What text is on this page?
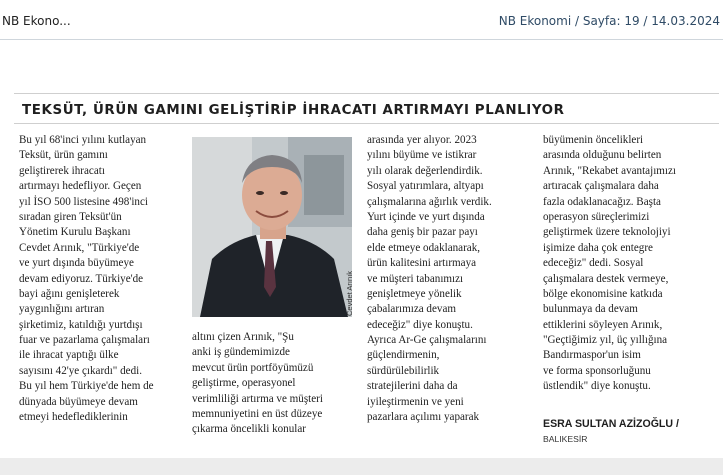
NB Ekono...	NB Ekonomi / Sayfa: 19 / 14.03.2024
TEKSÜT, ÜRÜN GAMINI GELİŞTİRİP İHRACATI ARTIRMAYI PLANLIYOR
Bu yıl 68'inci yılını kutlayan
Teksüt, ürün gamını
geliştirerek ihracatı
artırmayı hedefliyor. Geçen
yıl İSO 500 listesine 498'inci
sıradan giren Teksüt'ün
Yönetim Kurulu Başkanı
Cevdet Arınık, "Türkiye'de
ve yurt dışında büyümeye
devam ediyoruz. Türkiye'de
bayi ağını genişleterek
yaygınlığını artıran
şirketimiz, katıldığı yurtdışı
fuar ve pazarlama çalışmaları
ile ihracat yaptığı ülke
sayısını 42'ye çıkardı" dedi.
Bu yıl hem Türkiye'de hem de
dünyada büyümeye devam
etmeyi hedeflediklerinin
Cevdet Arınık
altını çizen Arınık, "Şu
anki iş gündemimizde
mevcut ürün portföyümüzü
geliştirme, operasyonel
verimliliği artırma ve müşteri
memnuniyetini en üst düzeye
çıkarma öncelikli konular
arasında yer alıyor. 2023
yılını büyüme ve istikrar
yılı olarak değerlendirdik.
Sosyal yatırımlara, altyapı
çalışmalarına ağırlık verdik.
Yurt içinde ve yurt dışında
daha geniş bir pazar payı
elde etmeye odaklanarak,
ürün kalitesini artırmaya
ve müşteri tabanımızı
genişletmeye yönelik
çabalarımıza devam
edeceğiz" diye konuştu.
Ayrıca Ar-Ge çalışmalarını
güçlendirmenin,
sürdürülebilirlik
stratejilerini daha da
iyileştirmenin ve yeni
pazarlara açılımı yaparak
büyümenin öncelikleri
arasında olduğunu belirten
Arınık, "Rekabet avantajımızı
artıracak çalışmalara daha
fazla odaklanacağız. Başta
operasyon süreçlerimizi
geliştirmek üzere teknolojiyi
işimize daha çok entegre
edeceğiz" dedi. Sosyal
çalışmalara destek vermeye,
bölge ekonomisine katkıda
bulunmaya da devam
ettiklerini söyleyen Arınık,
"Geçtiğimiz yıl, üç yıllığına
Bandırmaspor'un isim
ve forma sponsorluğunu
üstlendik" diye konuştu.
ESRA SULTAN AZİZOĞLU /
BALIKESİR
